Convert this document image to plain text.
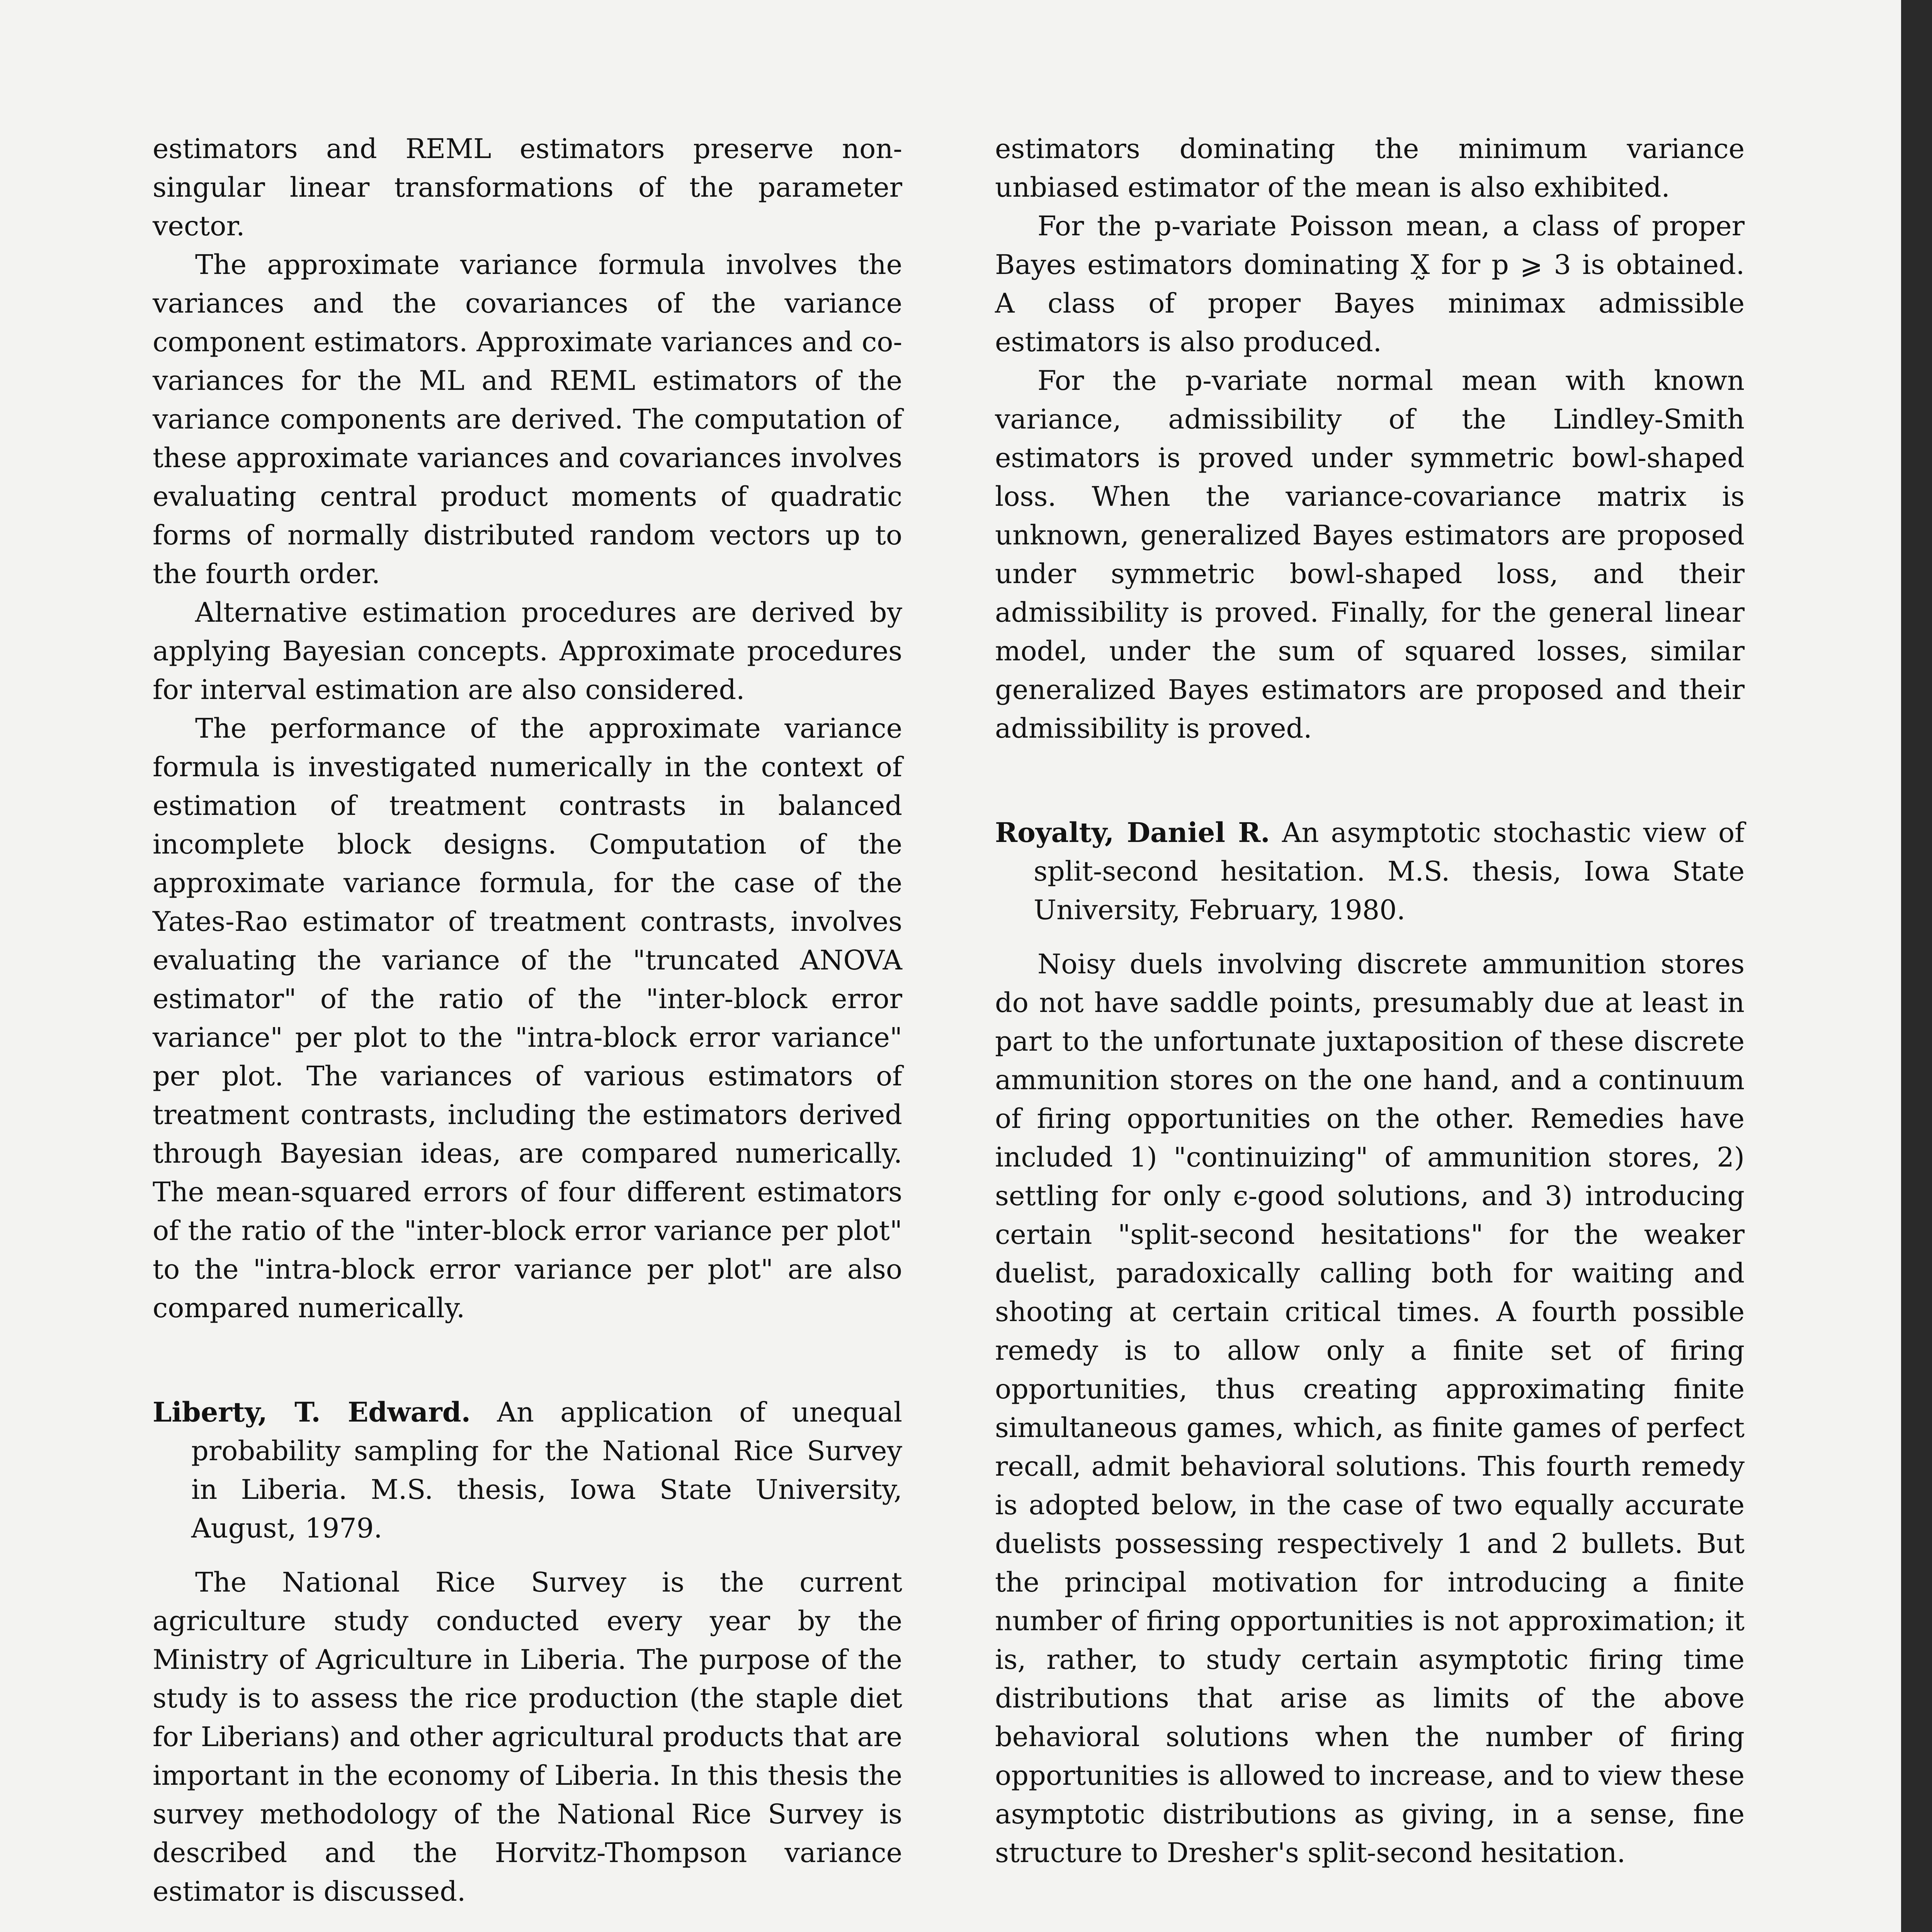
estimators and REML estimators preserve non-singular linear transformations of the parameter vector.

The approximate variance formula involves the variances and the covariances of the variance component estimators. Approximate variances and co-variances for the ML and REML estimators of the variance components are derived. The computation of these approximate variances and covariances involves evaluating central product moments of quadratic forms of normally distributed random vectors up to the fourth order.

Alternative estimation procedures are derived by applying Bayesian concepts. Approximate procedures for interval estimation are also considered.

The performance of the approximate variance formula is investigated numerically in the context of estimation of treatment contrasts in balanced incomplete block designs. Computation of the approximate variance formula, for the case of the Yates-Rao estimator of treatment contrasts, involves evaluating the variance of the "truncated ANOVA estimator" of the ratio of the "inter-block error variance" per plot to the "intra-block error variance" per plot. The variances of various estimators of treatment contrasts, including the estimators derived through Bayesian ideas, are compared numerically. The mean-squared errors of four different estimators of the ratio of the "inter-block error variance per plot" to the "intra-block error variance per plot" are also compared numerically.

Liberty, T. Edward. An application of unequal probability sampling for the National Rice Survey in Liberia. M.S. thesis, Iowa State University, August, 1979.

The National Rice Survey is the current agriculture study conducted every year by the Ministry of Agriculture in Liberia. The purpose of the study is to assess the rice production (the staple diet for Liberians) and other agricultural products that are important in the economy of Liberia. In this thesis the survey methodology of the National Rice Survey is described and the Horvitz-Thompson variance estimator is discussed.

estimators dominating the minimum variance unbiased estimator of the mean is also exhibited.

For the p-variate Poisson mean, a class of proper Bayes estimators dominating X̰ for p ⩾ 3 is obtained. A class of proper Bayes minimax admissible estimators is also produced.

For the p-variate normal mean with known variance, admissibility of the Lindley-Smith estimators is proved under symmetric bowl-shaped loss. When the variance-covariance matrix is unknown, generalized Bayes estimators are proposed under symmetric bowl-shaped loss, and their admissibility is proved. Finally, for the general linear model, under the sum of squared losses, similar generalized Bayes estimators are proposed and their admissibility is proved.

Royalty, Daniel R. An asymptotic stochastic view of split-second hesitation. M.S. thesis, Iowa State University, February, 1980.

Noisy duels involving discrete ammunition stores do not have saddle points, presumably due at least in part to the unfortunate juxtaposition of these discrete ammunition stores on the one hand, and a continuum of firing opportunities on the other. Remedies have included 1) "continuizing" of ammunition stores, 2) settling for only ϵ-good solutions, and 3) introducing certain "split-second hesitations" for the weaker duelist, paradoxically calling both for waiting and shooting at certain critical times. A fourth possible remedy is to allow only a finite set of firing opportunities, thus creating approximating finite simultaneous games, which, as finite games of perfect recall, admit behavioral solutions. This fourth remedy is adopted below, in the case of two equally accurate duelists possessing respectively 1 and 2 bullets. But the principal motivation for introducing a finite number of firing opportunities is not approximation; it is, rather, to study certain asymptotic firing time distributions that arise as limits of the above behavioral solutions when the number of firing opportunities is allowed to increase, and to view these asymptotic distributions as giving, in a sense, fine structure to Dresher's split-second hesitation.
